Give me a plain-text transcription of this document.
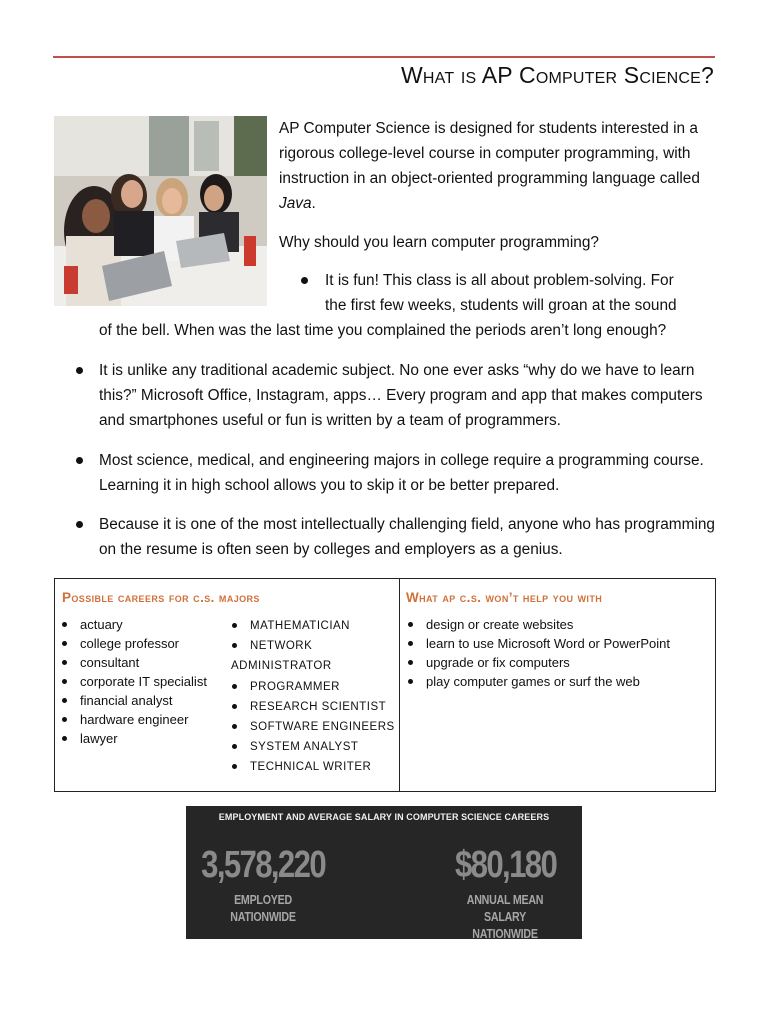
What is AP Computer Science?

AP Computer Science is designed for students interested in a rigorous college-level course in computer programming, with instruction in an object-oriented programming language called Java.

Why should you learn computer programming?
It is fun! This class is all about problem-solving. For
the first few weeks, students will groan at the sound
of the bell. When was the last time you complained the periods aren’t long enough?
It is unlike any traditional academic subject. No one ever asks “why do we have to learn this?” Microsoft Office, Instagram, apps… Every program and app that makes computers and smartphones useful or fun is written by a team of programmers.
Most science, medical, and engineering majors in college require a programming course. Learning it in high school allows you to skip it or be better prepared.
Because it is one of the most intellectually challenging field, anyone who has programming on the resume is often seen by colleges and employers as a genius.
Possible careers for c.s. majors
actuary
college professor
consultant
corporate IT specialist
financial analyst
hardware engineer
lawyer
MATHEMATICIAN
NETWORK
ADMINISTRATOR
PROGRAMMER
RESEARCH SCIENTIST
SOFTWARE ENGINEERS
SYSTEM ANALYST
TECHNICAL WRITER
What ap c.s. won’t help you with
design or create websites
learn to use Microsoft Word or PowerPoint
upgrade or fix computers
play computer games or surf the web
EMPLOYMENT AND AVERAGE SALARY IN COMPUTER SCIENCE CAREERS
3,578,220
EMPLOYED NATIONWIDE
$80,180
ANNUAL MEAN SALARY
NATIONWIDE
